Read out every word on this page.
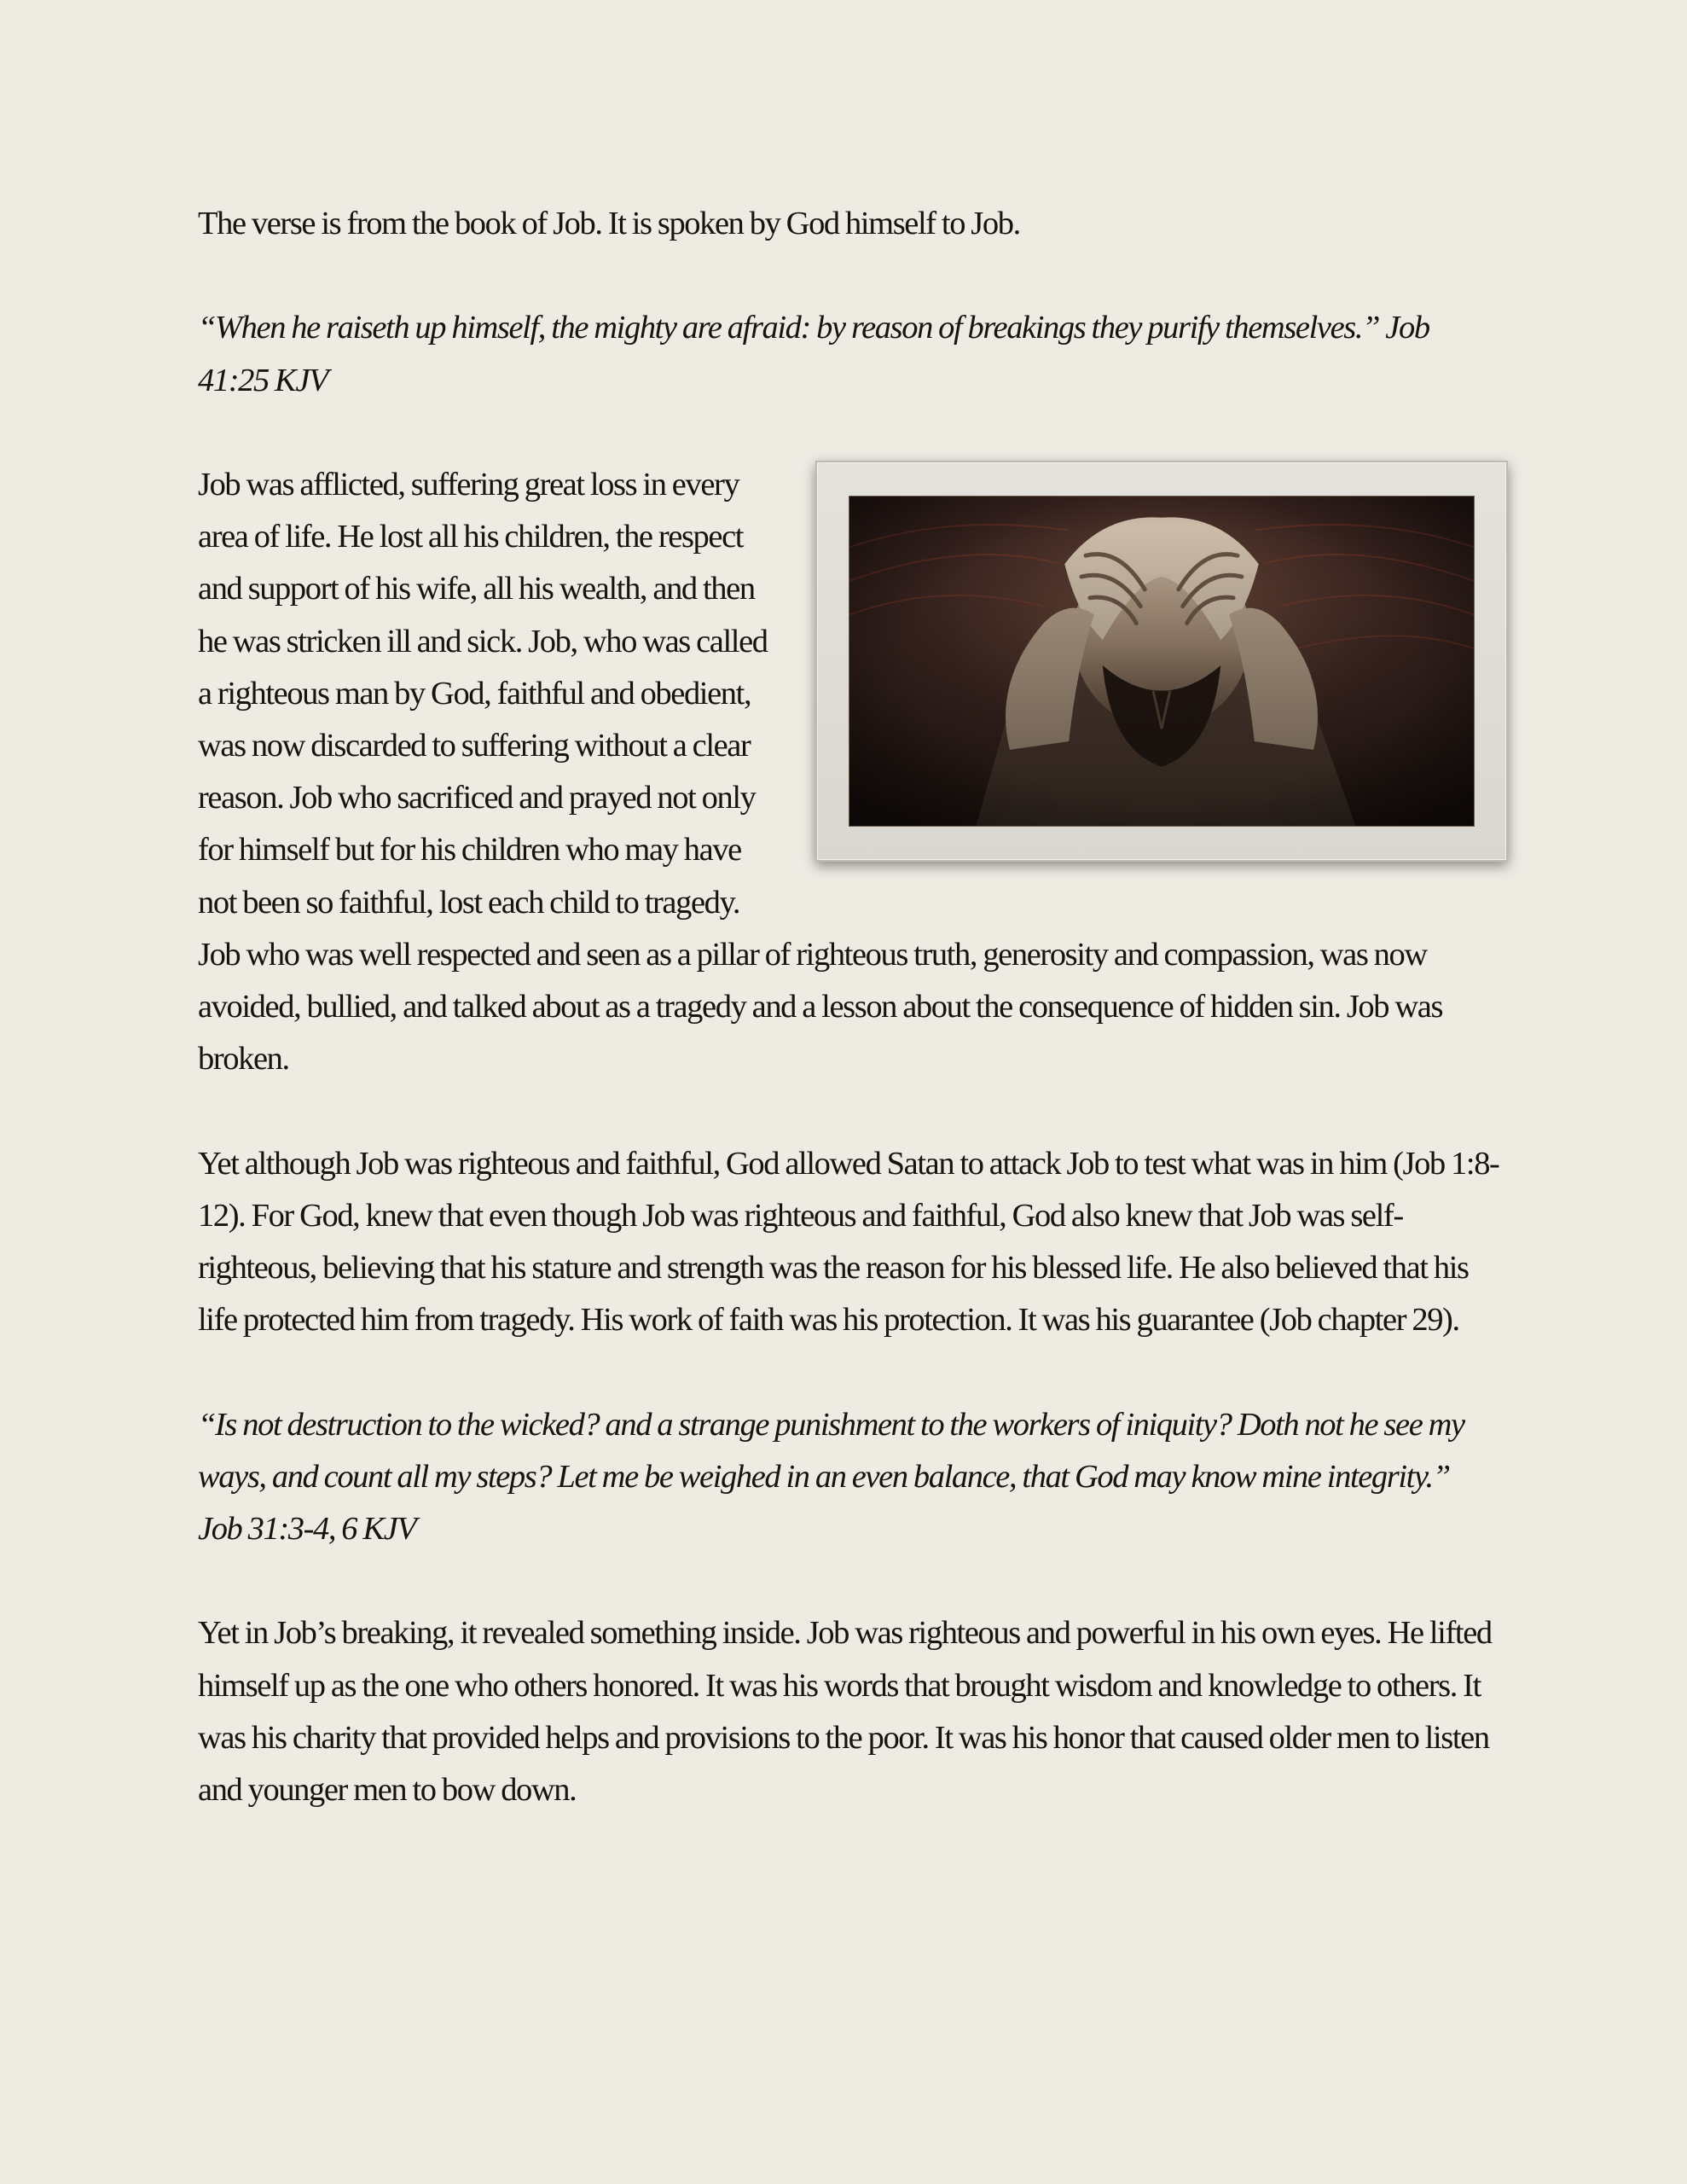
The verse is from the book of Job. It is spoken by God himself to Job.

“When he raiseth up himself, the mighty are afraid: by reason of breakings they purify themselves.” Job 41:25 KJV

Job was afflicted, suffering great loss in every area of life. He lost all his children, the respect and support of his wife, all his wealth, and then he was stricken ill and sick. Job, who was called a righteous man by God, faithful and obedient, was now discarded to suffering without a clear reason. Job who sacrificed and prayed not only for himself but for his children who may have not been so faithful, lost each child to tragedy. Job who was well respected and seen as a pillar of righteous truth, generosity and compassion, was now avoided, bullied, and talked about as a tragedy and a lesson about the consequence of hidden sin. Job was broken.

Yet although Job was righteous and faithful, God allowed Satan to attack Job to test what was in him (Job 1:8-12). For God, knew that even though Job was righteous and faithful, God also knew that Job was self-righteous, believing that his stature and strength was the reason for his blessed life. He also believed that his life protected him from tragedy. His work of faith was his protection. It was his guarantee (Job chapter 29).

“Is not destruction to the wicked? and a strange punishment to the workers of iniquity? Doth not he see my ways, and count all my steps? Let me be weighed in an even balance, that God may know mine integrity.”
Job 31:3-4, 6 KJV

Yet in Job’s breaking, it revealed something inside. Job was righteous and powerful in his own eyes. He lifted himself up as the one who others honored. It was his words that brought wisdom and knowledge to others. It was his charity that provided helps and provisions to the poor. It was his honor that caused older men to listen and younger men to bow down.
